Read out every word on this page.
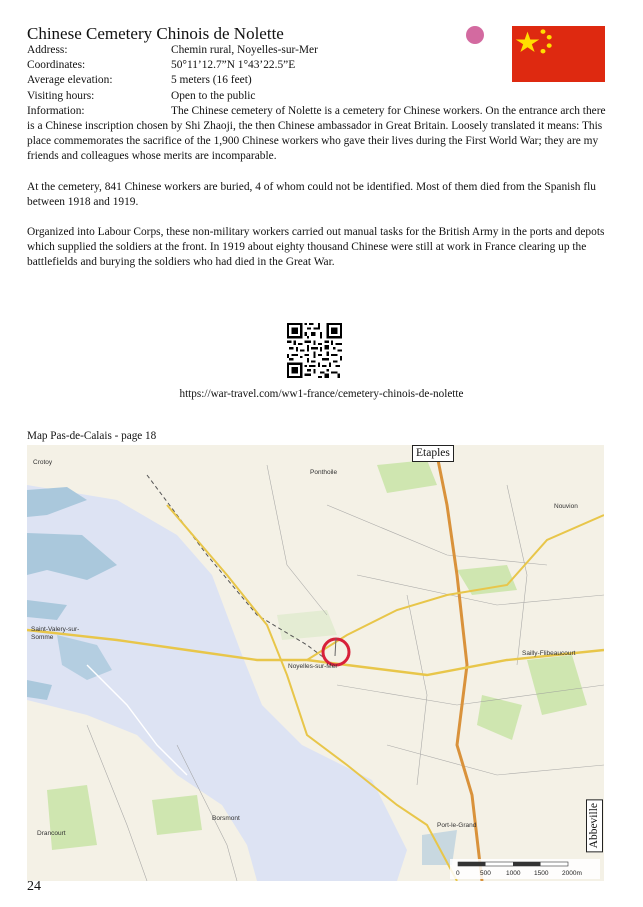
Chinese Cemetery Chinois de Nolette
Address:	Chemin rural, Noyelles-sur-Mer
Coordinates:	50°11’12.7”N 1°43’22.5”E
Average elevation:	5 meters (16 feet)
Visiting hours:	Open to the public
Information:	The Chinese cemetery of Nolette is a cemetery for Chinese workers. On the entrance arch there is a Chinese inscription chosen by Shi Zhaoji, the then Chinese ambassador in Great Britain. Loosely translated it means: This place commemorates the sacrifice of the 1,900 Chinese workers who gave their lives during the First World War; they are my friends and colleagues whose merits are incomparable.
At the cemetery, 841 Chinese workers are buried, 4 of whom could not be identified. Most of them died from the Spanish flu between 1918 and 1919.
Organized into Labour Corps, these non-military workers carried out manual tasks for the British Army in the ports and depots which supplied the soldiers at the front. In 1919 about eighty thousand Chinese were still at work in France clearing up the battlefields and burying the soldiers who had died in the Great War.
https://war-travel.com/ww1-france/cemetery-chinois-de-nolette
Map Pas-de-Calais - page 18
Crotoy
Ponthoile
Nouvion
Saint-Valery-sur-Somme
Noyelles-sur-Mer
Sailly-Flibeaucourt
Borsmont
Port-le-Grand
Drancourt
Etaples
Abbeville
0	500 1000 1500 2000m
24
